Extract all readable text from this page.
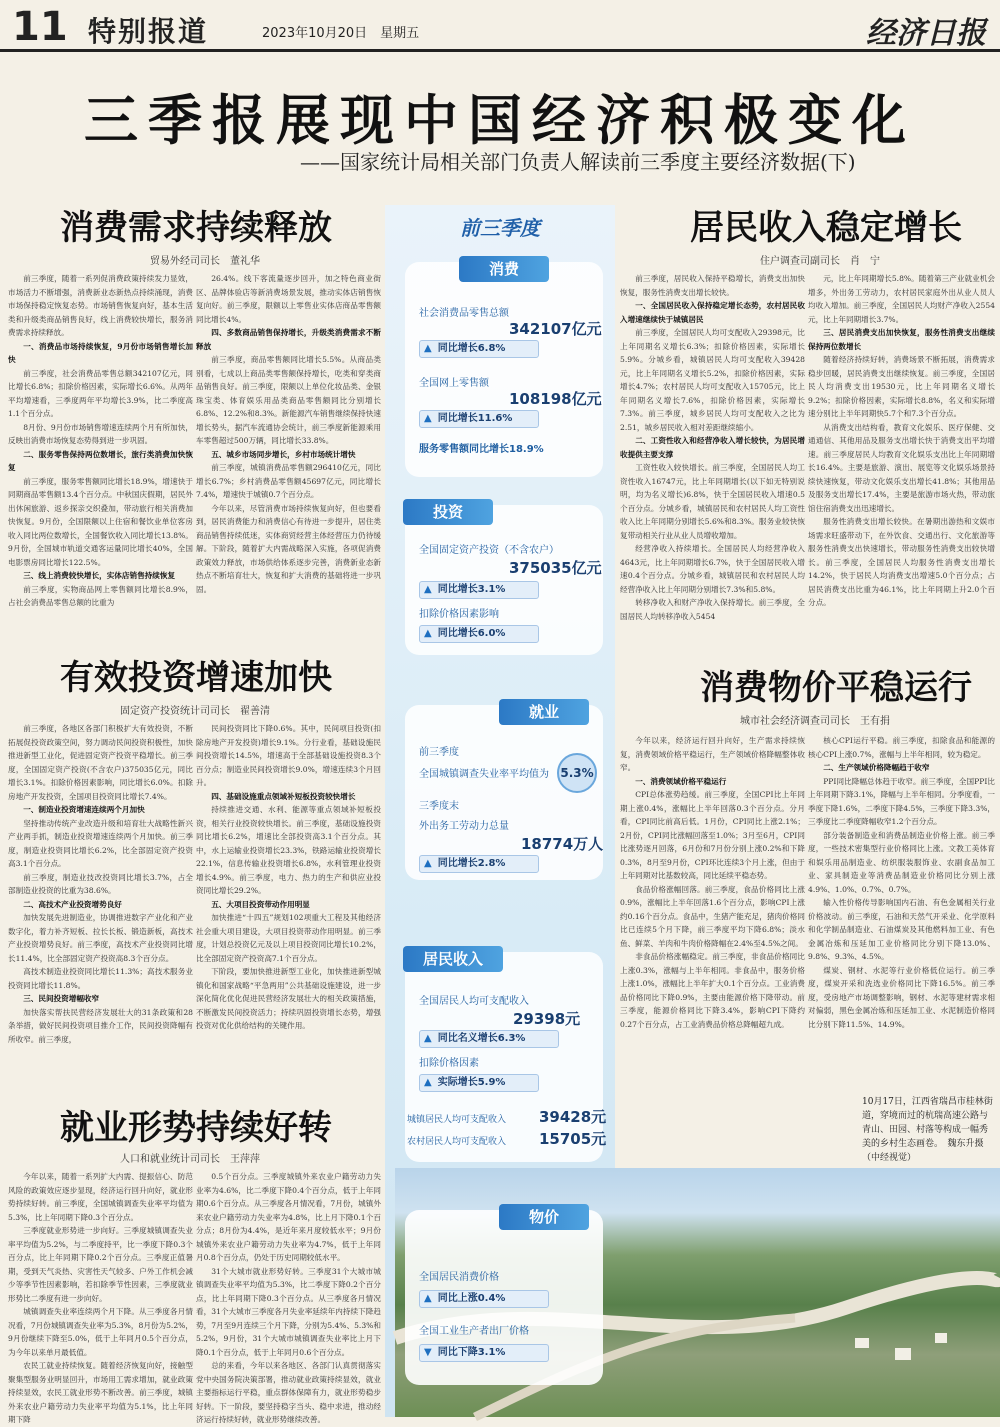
11 特别报道	2023年10月20日　星期五	经济日报
三季报展现中国经济积极变化
——国家统计局相关部门负责人解读前三季度主要经济数据(下)
前三季度
消费
社会消费品零售总额
342107亿元
▲ 同比增长6.8%
全国网上零售额
108198亿元
▲ 同比增长11.6%
服务零售额同比增长18.9%
投资
全国固定资产投资（不含农户）
375035亿元
▲ 同比增长3.1%
扣除价格因素影响
▲ 同比增长6.0%
就业
前三季度
全国城镇调查失业率平均值为 5.3%
三季度末
外出务工劳动力总量
18774万人
▲ 同比增长2.8%
居民收入
全国居民人均可支配收入
29398元
▲ 同比名义增长6.3%
扣除价格因素
▲ 实际增长5.9%
城镇居民人均可支配收入 39428元
农村居民人均可支配收入 15705元
物价
全国居民消费价格
▲ 同比上涨0.4%
全国工业生产者出厂价格
▼ 同比下降3.1%
10月17日，江西省瑞昌市桂林街道，穿境而过的杭瑞高速公路与青山、田园、村落等构成一幅秀美的乡村生态画卷。　魏东升摄（中经视觉）
消费需求持续释放
贸易外经司司长　董礼华

前三季度，随着一系列促消费政策持续发力显效，市场活力不断增强，消费新业态新热点持续涌现，消费市场保持稳定恢复态势。市场销售恢复向好，基本生活类和升级类商品销售良好，线上消费较快增长，服务消费需求持续释放。

一、消费品市场持续恢复，9月份市场销售增长加快

前三季度，社会消费品零售总额342107亿元，同比增长6.8%；扣除价格因素，实际增长6.6%。从两年平均增速看，三季度两年平均增长3.9%，比二季度高1.1个百分点。

8月份、9月份市场销售增速连续两个月有所加快，反映出消费市场恢复态势得到进一步巩固。

二、服务零售保持两位数增长，旅行类消费加快恢复

前三季度，服务零售额同比增长18.9%，增速快于同期商品零售额13.4个百分点。中秋国庆假期，居民外出休闲旅游、返乡探亲交织叠加，带动旅行相关消费加快恢复。9月份，全国限额以上住宿和餐饮业单位客房收入同比两位数增长，全国餐饮收入同比增长13.8%。9月份，全国城市轨道交通客运量同比增长40%，全国电影票房同比增长122.5%。

三、线上消费较快增长，实体店销售持续恢复

前三季度，实物商品网上零售额同比增长8.9%，占社会消费品零售总额的比重为

26.4%。线下客流量逐步回升，加之特色商业街区、品牌体验店等新消费场景发展，推动实体店销售恢复向好。前三季度，限额以上零售业实体店商品零售额同比增长4%。

四、多数商品销售保持增长，升级类消费需求不断释放

前三季度，商品零售额同比增长5.5%。从商品类别看，七成以上商品类零售额保持增长，吃类和穿类商品销售良好。前三季度，限额以上单位化妆品类、金银珠宝类、体育娱乐用品类商品零售额同比分别增长6.8%、12.2%和8.3%。新能源汽车销售继续保持快速增长势头，据汽车流通协会统计，前三季度新能源乘用车零售超过500万辆，同比增长33.8%。

五、城乡市场同步增长，乡村市场统计增快

前三季度，城镇消费品零售额296410亿元，同比增长6.7%；乡村消费品零售额45697亿元，同比增长7.4%，增速快于城镇0.7个百分点。

今年以来，尽管消费市场持续恢复向好，但也要看到，居民消费能力和消费信心有待进一步提升，居住类商品销售持续低迷，实体商贸经营主体经营压力仍待缓解。下阶段，随着扩大内需战略深入实施，各项促消费政策效力释放，市场供给体系逐步完善，消费新业态新热点不断培育壮大，恢复和扩大消费的基础将进一步巩固。

居民收入稳定增长
住户调查司副司长　肖　宁

前三季度，居民收入保持平稳增长，消费支出加快恢复，服务性消费支出增长较快。

一、全国居民收入保持稳定增长态势，农村居民收入增速继续快于城镇居民

前三季度，全国居民人均可支配收入29398元，比上年同期名义增长6.3%；扣除价格因素，实际增长5.9%。分城乡看，城镇居民人均可支配收入39428元，比上年同期名义增长5.2%，扣除价格因素，实际增长4.7%；农村居民人均可支配收入15705元，比上年同期名义增长7.6%，扣除价格因素，实际增长7.3%。前三季度，城乡居民人均可支配收入之比为2.51，城乡居民收入相对差距继续缩小。

二、工资性收入和经营净收入增长较快，为居民增收提供主要支撑

工资性收入较快增长。前三季度，全国居民人均工资性收入16747元，比上年同期增长(以下如无特别说明，均为名义增长)6.8%，快于全国居民收入增速0.5个百分点。分城乡看，城镇居民和农村居民人均工资性收入比上年同期分别增长5.6%和8.3%。服务业较快恢复带动相关行业从业人员增收增加。

经营净收入持续增长。全国居民人均经营净收入4643元，比上年同期增长6.7%，快于全国居民收入增速0.4个百分点。分城乡看，城镇居民和农村居民人均经营净收入比上年同期分别增长7.3%和5.8%。

转移净收入和财产净收入保持增长。前三季度，全国居民人均转移净收入5454

元，比上年同期增长5.8%。随着第三产业就业机会增多，外出务工劳动力，农村居民家庭外出从业人员人均收入增加。前三季度，全国居民人均财产净收入2554元，比上年同期增长3.7%。

三、居民消费支出加快恢复，服务性消费支出继续保持两位数增长

随着经济持续好转，消费场景不断拓展，消费需求稳步回暖，居民消费支出继续恢复。前三季度，全国居民人均消费支出19530元，比上年同期名义增长9.2%；扣除价格因素，实际增长8.8%，名义和实际增速分别比上半年同期快5.7个和7.3个百分点。

从消费支出结构看，教育文化娱乐、医疗保健、交通通信、其他用品及服务支出增长快于消费支出平均增速。前三季度居民人均教育文化娱乐支出比上年同期增长16.4%。主要是旅游、演出、展览等文化娱乐场景持续快速恢复，带动文化娱乐支出增长41.8%；其他用品及服务支出增长17.4%，主要是旅游市场火热，带动旅馆住宿消费支出迅速增长。

服务性消费支出增长较快。在暑期出游热和文娱市场需求旺盛带动下，在外饮食、交通出行、文化旅游等服务性消费支出快速增长，带动服务性消费支出较快增长。前三季度，全国居民人均服务性消费支出增长14.2%，快于居民人均消费支出增速5.0个百分点；占居民消费支出比重为46.1%，比上年同期上升2.0个百分点。

有效投资增速加快
固定资产投资统计司司长　翟善清

前三季度，各地区各部门积极扩大有效投资，不断拓展促投资政策空间，努力调动民间投资积极性，加快推进新型工业化，促进固定资产投资平稳增长。前三季度，全国固定资产投资(不含农户)375035亿元，同比增长3.1%。扣除价格因素影响，同比增长6.0%。扣除房地产开发投资，全国项目投资同比增长7.4%。

一、制造业投资增速连续两个月加快

坚持推动传统产业改造升级和培育壮大战略性新兴产业两手抓，制造业投资增速连续两个月加快。前三季度，制造业投资同比增长6.2%，比全部固定资产投资高3.1个百分点。

前三季度，制造业技改投资同比增长3.7%，占全部制造业投资的比重为38.6%。

二、高技术产业投资增势良好

加快发展先进制造业，协调推进数字产业化和产业数字化，着力补齐短板、拉长长板、锻造新板，高技术产业投资增势良好。前三季度，高技术产业投资同比增长11.4%，比全部固定资产投资高8.3个百分点。

高技术制造业投资同比增长11.3%；高技术服务业投资同比增长11.8%。

三、民间投资增幅收窄

加快落实帮扶民营经济发展壮大的31条政策和28条举措，做好民间投资项目推介工作，民间投资降幅有所收窄。前三季度，

民间投资同比下降0.6%。其中，民间项目投资(扣除房地产开发投资)增长9.1%。分行业看，基础设施民间投资增长14.5%，增速高于全部基础设施投资8.3个百分点；制造业民间投资增长9.0%，增速连续3个月回升。

四、基础设施重点领域补短板投资较快增长

持续推进交通、水利、能源等重点领域补短板投资，相关行业投资较快增长。前三季度，基础设施投资同比增长6.2%，增速比全部投资高3.1个百分点。其中，水上运输业投资增长23.3%，铁路运输业投资增长22.1%，信息传输业投资增长6.8%，水利管理业投资增长4.9%。前三季度，电力、热力的生产和供应业投资同比增长29.2%。

五、大项目投资带动作用明显

加快推进“十四五”规划102项重大工程及其他经济社会重大项目建设，大项目投资带动作用明显。前三季度，计划总投资亿元及以上项目投资同比增长10.2%，比全部固定资产投资高7.1个百分点。

下阶段，要加快推进新型工业化，加快推进新型城镇化和国家战略“平急两用”公共基础设施建设，进一步深化简化优化促进民营经济发展壮大的相关政策措施，不断激发民间投资活力；持续巩固投资增长态势，增强投资对优化供给结构的关键作用。

消费物价平稳运行
城市社会经济调查司司长　王有捐

今年以来，经济运行回升向好，生产需求持续恢复，消费领域价格平稳运行，生产领域价格降幅整体收窄。

一、消费领域价格平稳运行

CPI总体涨势趋缓。前三季度，全国CPI比上年同期上涨0.4%，涨幅比上半年回落0.3个百分点。分月看，CPI同比前高后低。1月份，CPI同比上涨2.1%；2月份，CPI同比涨幅回落至1.0%；3月至6月，CPI同比涨势逐月回落，6月份和7月份分别上涨0.2%和下降0.3%，8月至9月份，CPI环比连续3个月上涨，但由于上年同期对比基数较高，同比延续平稳态势。

食品价格涨幅回落。前三季度，食品价格同比上涨0.9%，涨幅比上半年回落1.6个百分点，影响CPI上涨约0.16个百分点。食品中，生猪产能充足，猪肉价格同比已连续5个月下降，前三季度平均下降6.8%；淡水鱼、鲜菜、羊肉和牛肉价格降幅在2.4%至4.5%之间。

非食品价格涨幅稳定。前三季度，非食品价格同比上涨0.3%，涨幅与上半年相同。非食品中，服务价格上涨1.0%，涨幅比上半年扩大0.1个百分点。工业消费品价格同比下降0.9%，主要由能源价格下降带动。前三季度，能源价格同比下降3.4%，影响CPI下降约0.27个百分点，占工业消费品价格总降幅超九成。

核心CPI运行平稳。前三季度，扣除食品和能源的核心CPI上涨0.7%，涨幅与上半年相同，较为稳定。

二、生产领域价格降幅趋于收窄

PPI同比降幅总体趋于收窄。前三季度，全国PPI比上年同期下降3.1%，降幅与上半年相同。分季度看，一季度下降1.6%，二季度下降4.5%，三季度下降3.3%，三季度比二季度降幅收窄1.2个百分点。

部分装备制造业和消费品制造业价格上涨。前三季度，一些技术密集型行业价格同比上涨。文教工美体育和娱乐用品制造业、纺织服装服饰业、农副食品加工业、家具制造业等消费品制造业价格同比分别上涨4.9%、1.0%、0.7%、0.7%。

输入性价格传导影响国内石油、有色金属相关行业价格波动。前三季度，石油和天然气开采业、化学原料和化学制品制造业、石油煤炭及其他燃料加工业、有色金属冶炼和压延加工业价格同比分别下降13.0%、9.8%、9.3%、4.5%。

煤炭、钢材、水泥等行业价格低位运行。前三季度，煤炭开采和洗选业价格同比下降16.5%。前三季度，受房地产市场调整影响，钢材、水泥等建材需求相对偏弱，黑色金属冶炼和压延加工业、水泥制造价格同比分别下降11.5%、14.9%。

就业形势持续好转
人口和就业统计司司长　王萍萍

今年以来，随着一系列扩大内需、提振信心、防范风险的政策效应逐步显现，经济运行回升向好，就业形势持续好转。前三季度，全国城镇调查失业率平均值为5.3%，比上年同期下降0.3个百分点。

三季度就业形势进一步向好。三季度城镇调查失业率平均值为5.2%，与二季度持平，比一季度下降0.3个百分点，比上年同期下降0.2个百分点。三季度正值暑期，受到天气炎热、灾害性天气较多、户外工作机会减少等季节性因素影响，若扣除季节性因素，三季度就业形势比二季度有进一步向好。

城镇调查失业率连续两个月下降。从三季度各月情况看，7月份城镇调查失业率为5.3%，8月份为5.2%，9月份继续下降至5.0%，低于上年同月0.5个百分点，为今年以来单月最低值。

农民工就业持续恢复。随着经济恢复向好，接触型聚集型服务业明显回升，市场用工需求增加，就业政策持续显效，农民工就业形势不断改善。前三季度，城镇外来农业户籍劳动力失业率平均值为5.1%，比上年同期下降

0.5个百分点。三季度城镇外来农业户籍劳动力失业率为4.6%，比二季度下降0.4个百分点，低于上年同期0.6个百分点。从三季度各月情况看，7月份，城镇外来农业户籍劳动力失业率为4.8%，比上月下降0.1个百分点；8月份为4.4%，是近年来月度较低水平；9月份城镇外来农业户籍劳动力失业率为4.7%，低于上年同月0.8个百分点，仍处于历史同期较低水平。

31个大城市就业形势好转。三季度31个大城市城镇调查失业率平均值为5.3%，比二季度下降0.2个百分点，比上年同期下降0.3个百分点。从三季度各月情况看，31个大城市三季度各月失业率延续年内持续下降趋势，7月至9月连续三个月下降，分别为5.4%、5.3%和5.2%，9月份，31个大城市城镇调查失业率比上月下降0.1个百分点，低于上年同月0.6个百分点。

总的来看，今年以来各地区、各部门认真贯彻落实党中央国务院决策部署，推动就业政策持续显效，就业主要指标运行平稳，重点群体保障有力，就业形势稳步好转。下一阶段，要坚持稳字当头、稳中求进，推动经济运行持续好转，就业形势继续改善。
